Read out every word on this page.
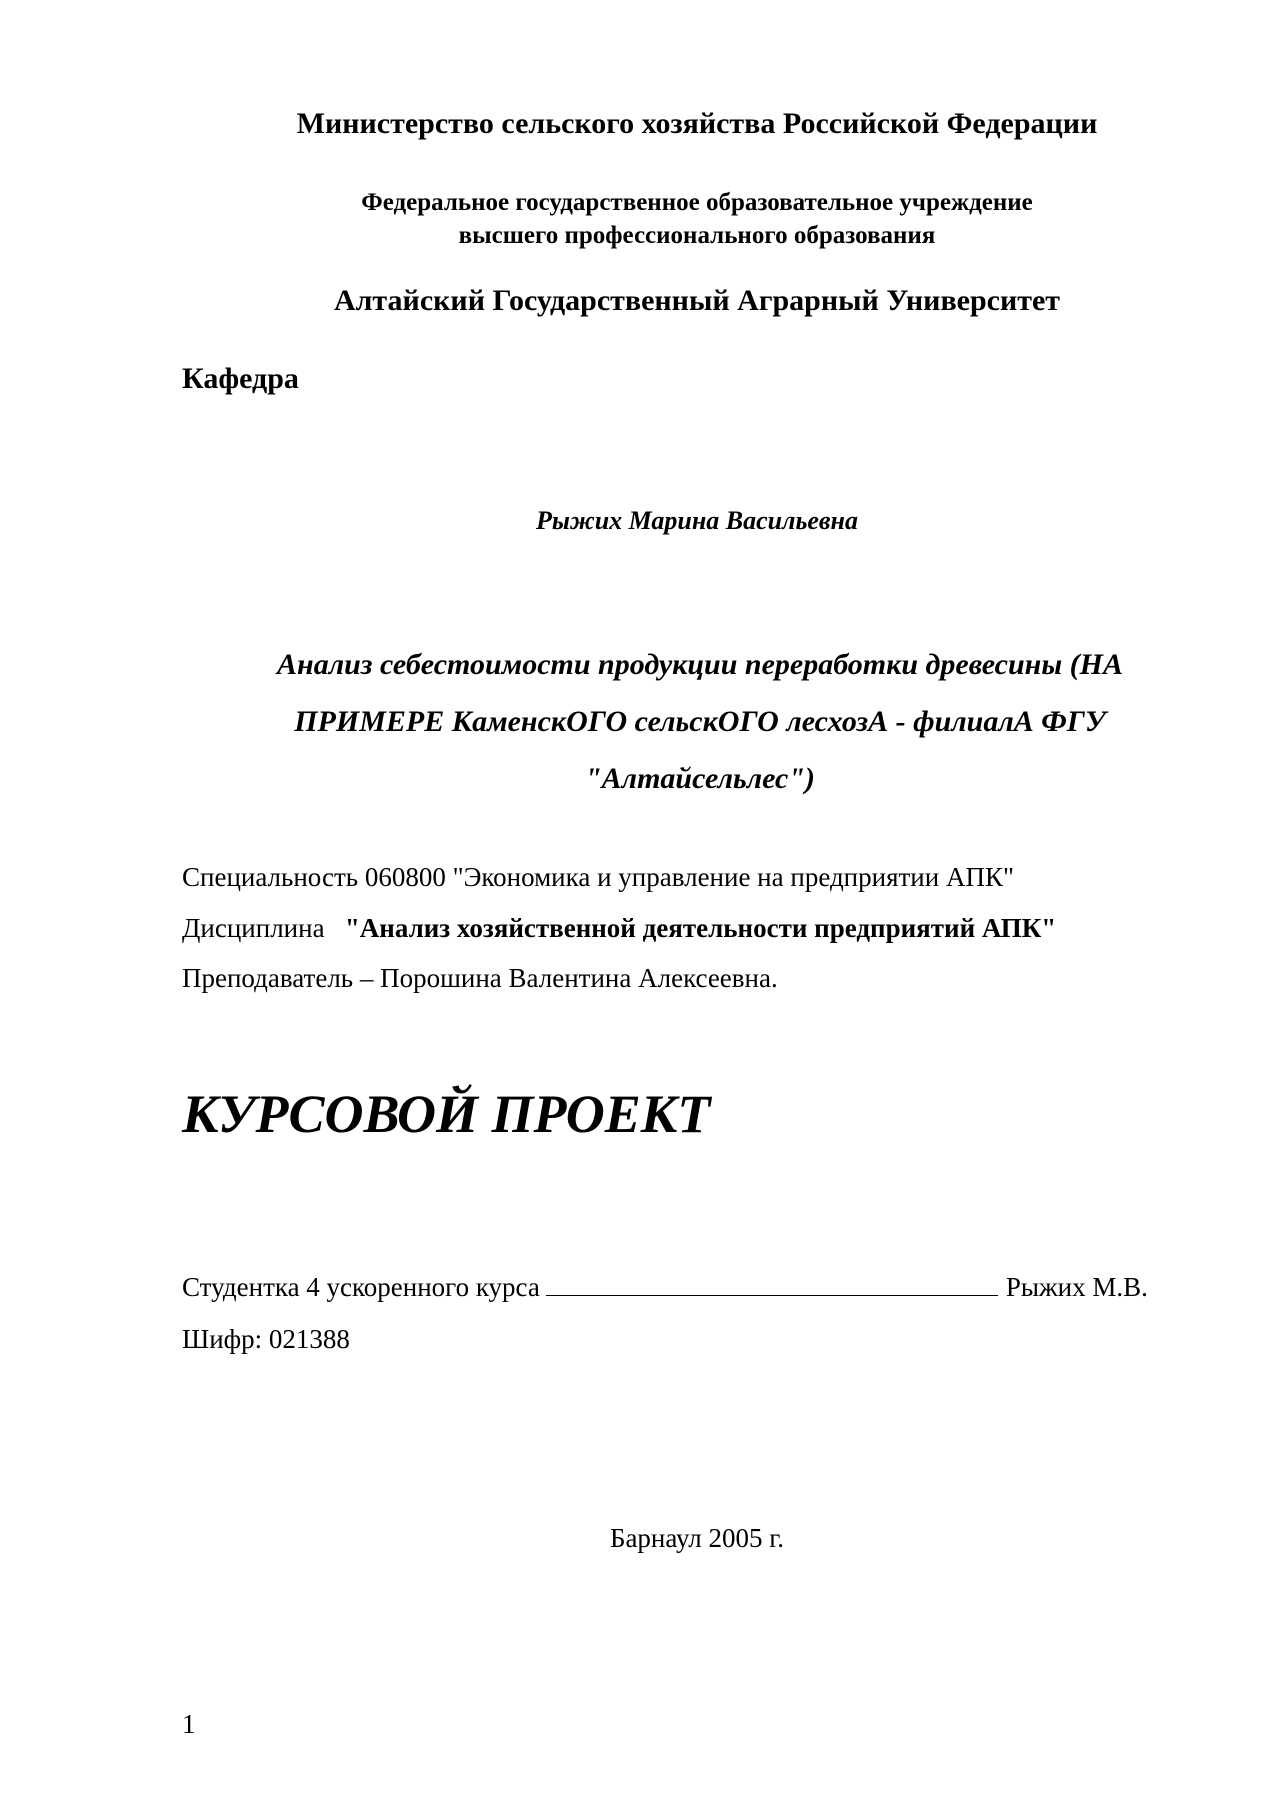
Министерство сельского хозяйства Российской Федерации
Федеральное государственное образовательное учреждение
высшего профессионального образования
Алтайский Государственный Аграрный Университет
Кафедра
Рыжих Марина Васильевна
Анализ себестоимости продукции переработки древесины (НА
ПРИМЕРЕ КаменскОГО сельскОГО лесхозА - филиалА ФГУ
"Алтайсельлес")
Специальность 060800 "Экономика и управление на предприятии АПК"
Дисциплина "Анализ хозяйственной деятельности предприятий АПК"
Преподаватель – Порошина Валентина Алексеевна.
КУРСОВОЙ ПРОЕКТ
Студентка 4 ускоренного курса	Рыжих М.В.
Шифр: 021388
Барнаул 2005 г.
1
